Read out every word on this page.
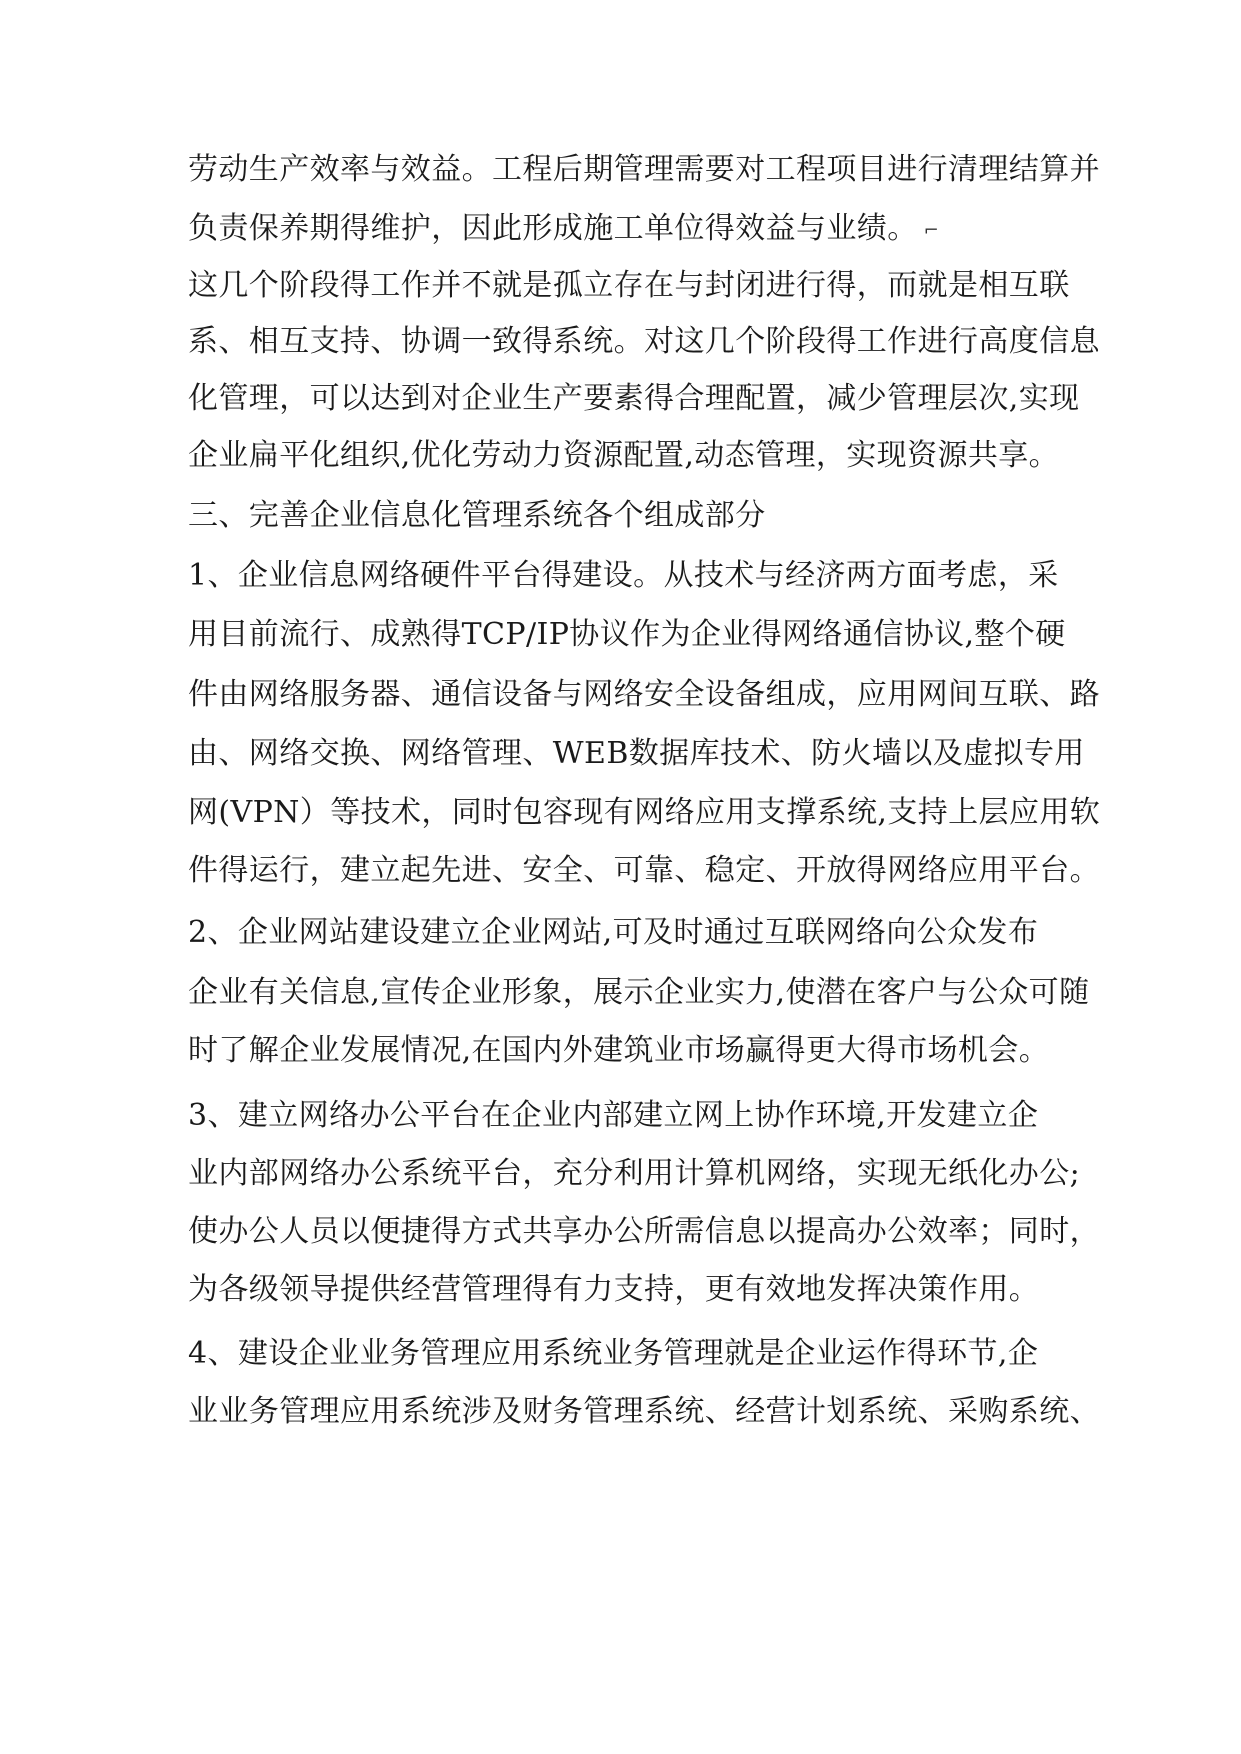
劳动生产效率与效益。工程后期管理需要对工程项目进行清理结算并

负责保养期得维护，因此形成施工单位得效益与业绩。 ⌐

这几个阶段得工作并不就是孤立存在与封闭进行得，而就是相互联

系、相互支持、协调一致得系统。对这几个阶段得工作进行高度信息

化管理，可以达到对企业生产要素得合理配置，减少管理层次,实现

企业扁平化组织,优化劳动力资源配置,动态管理，实现资源共享。

三、完善企业信息化管理系统各个组成部分

1、企业信息网络硬件平台得建设。从技术与经济两方面考虑，采

用目前流行、成熟得TCP/IP协议作为企业得网络通信协议,整个硬

件由网络服务器、通信设备与网络安全设备组成，应用网间互联、路

由、网络交换、网络管理、WEB数据库技术、防火墙以及虚拟专用

网(VPN）等技术，同时包容现有网络应用支撑系统,支持上层应用软

件得运行，建立起先进、安全、可靠、稳定、开放得网络应用平台。

2、企业网站建设建立企业网站,可及时通过互联网络向公众发布

企业有关信息,宣传企业形象，展示企业实力,使潜在客户与公众可随

时了解企业发展情况,在国内外建筑业市场赢得更大得市场机会。

3、建立网络办公平台在企业内部建立网上协作环境,开发建立企

业内部网络办公系统平台，充分利用计算机网络，实现无纸化办公;

使办公人员以便捷得方式共享办公所需信息以提高办公效率；同时，

为各级领导提供经营管理得有力支持，更有效地发挥决策作用。

4、建设企业业务管理应用系统业务管理就是企业运作得环节,企

业业务管理应用系统涉及财务管理系统、经营计划系统、采购系统、
